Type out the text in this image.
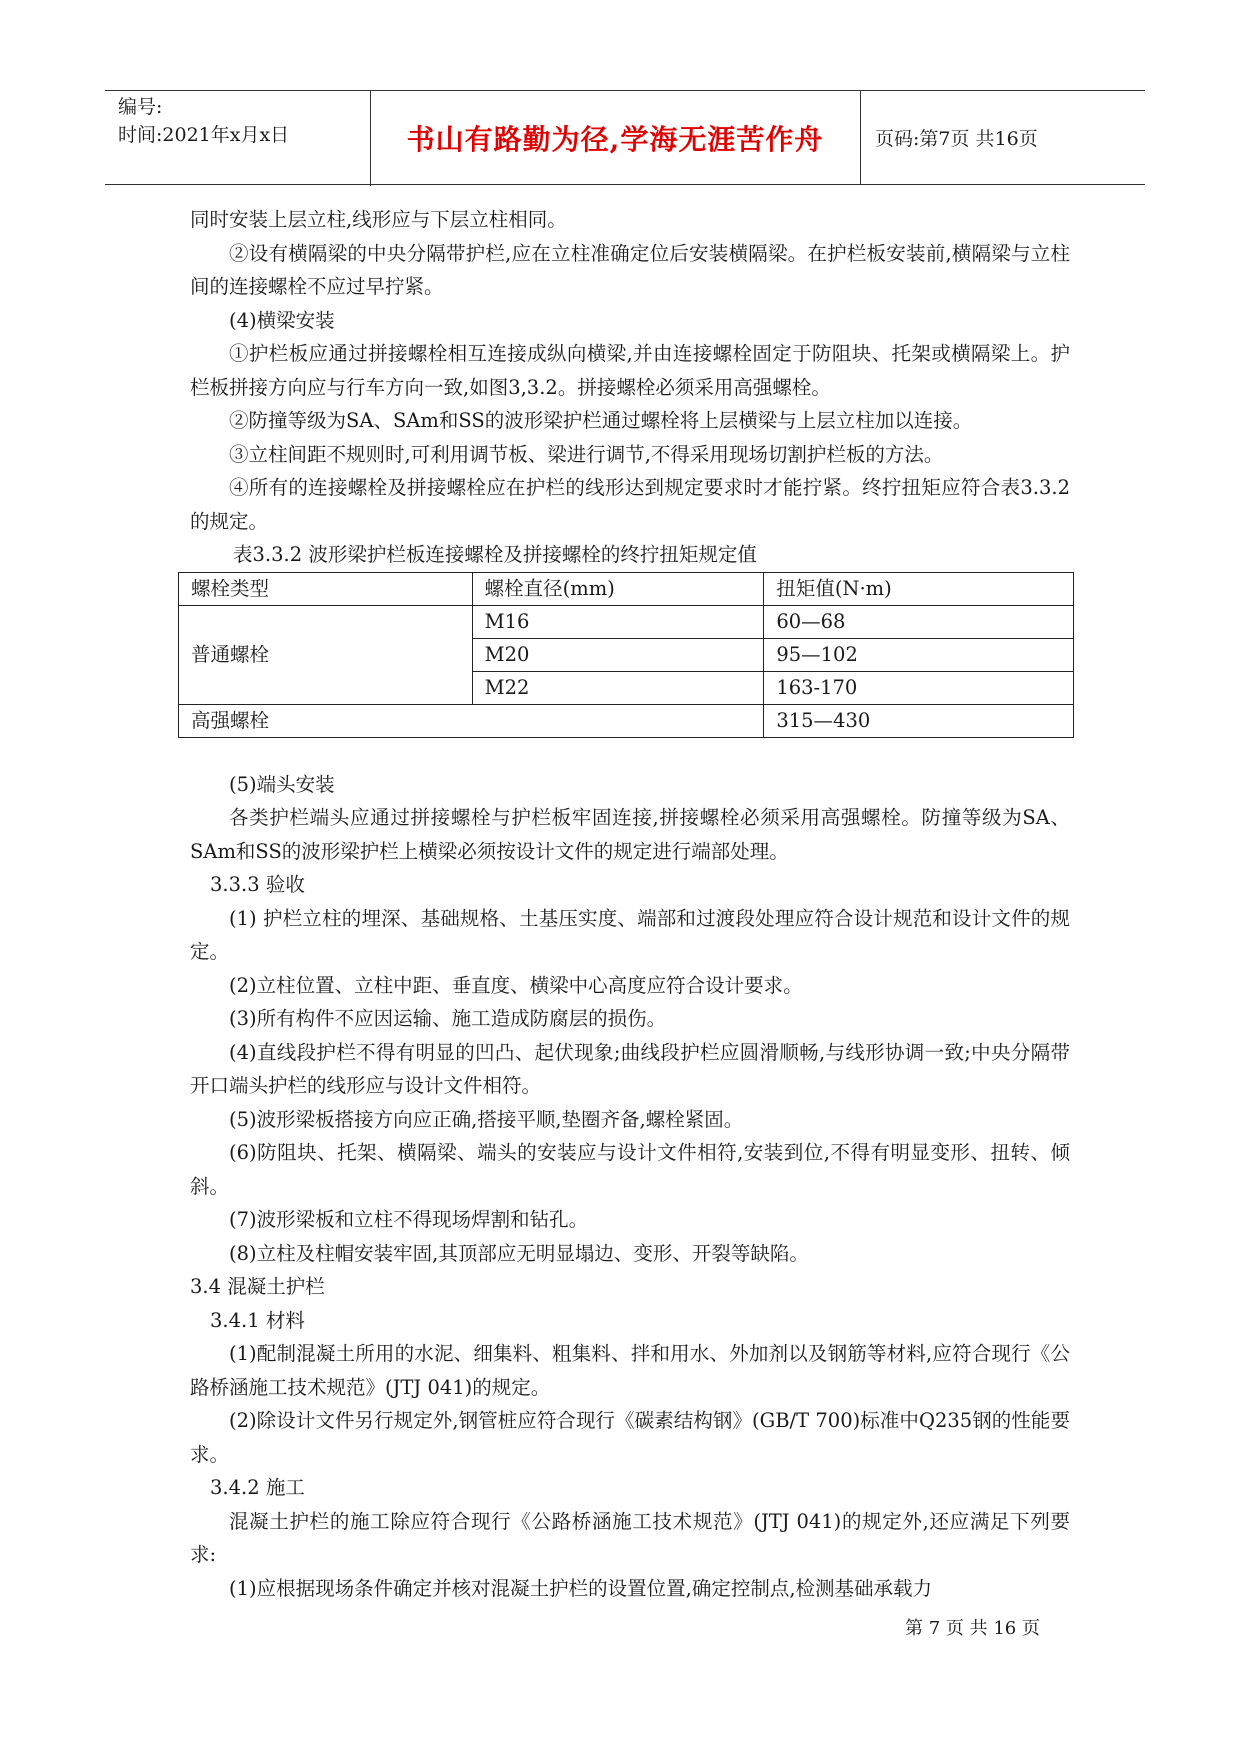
编号:
时间:2021年x月x日	书山有路勤为径,学海无涯苦作舟	页码:第7页 共16页

同时安装上层立柱,线形应与下层立柱相同。

②设有横隔梁的中央分隔带护栏,应在立柱准确定位后安装横隔梁。在护栏板安装前,横隔梁与立柱间的连接螺栓不应过早拧紧。

(4)横梁安装

①护栏板应通过拼接螺栓相互连接成纵向横梁,并由连接螺栓固定于防阻块、托架或横隔梁上。护栏板拼接方向应与行车方向一致,如图3,3.2。拼接螺栓必须采用高强螺栓。

②防撞等级为SA、SAm和SS的波形梁护栏通过螺栓将上层横梁与上层立柱加以连接。

③立柱间距不规则时,可利用调节板、梁进行调节,不得采用现场切割护栏板的方法。

④所有的连接螺栓及拼接螺栓应在护栏的线形达到规定要求时才能拧紧。终拧扭矩应符合表3.3.2的规定。

表3.3.2 波形梁护栏板连接螺栓及拼接螺栓的终拧扭矩规定值

螺栓类型	螺栓直径(mm)	扭矩值(N·m)
普通螺栓	M16	60—68
	M20	95—102
	M22	163-170
高强螺栓		315—430

(5)端头安装

各类护栏端头应通过拼接螺栓与护栏板牢固连接,拼接螺栓必须采用高强螺栓。防撞等级为SA、SAm和SS的波形梁护栏上横梁必须按设计文件的规定进行端部处理。

3.3.3 验收

(1) 护栏立柱的埋深、基础规格、土基压实度、端部和过渡段处理应符合设计规范和设计文件的规定。

(2)立柱位置、立柱中距、垂直度、横梁中心高度应符合设计要求。

(3)所有构件不应因运输、施工造成防腐层的损伤。

(4)直线段护栏不得有明显的凹凸、起伏现象;曲线段护栏应圆滑顺畅,与线形协调一致;中央分隔带开口端头护栏的线形应与设计文件相符。

(5)波形梁板搭接方向应正确,搭接平顺,垫圈齐备,螺栓紧固。

(6)防阻块、托架、横隔梁、端头的安装应与设计文件相符,安装到位,不得有明显变形、扭转、倾斜。

(7)波形梁板和立柱不得现场焊割和钻孔。

(8)立柱及柱帽安装牢固,其顶部应无明显塌边、变形、开裂等缺陷。

3.4 混凝土护栏

3.4.1 材料

(1)配制混凝土所用的水泥、细集料、粗集料、拌和用水、外加剂以及钢筋等材料,应符合现行《公路桥涵施工技术规范》(JTJ 041)的规定。

(2)除设计文件另行规定外,钢管桩应符合现行《碳素结构钢》(GB/T 700)标准中Q235钢的性能要求。

3.4.2 施工

混凝土护栏的施工除应符合现行《公路桥涵施工技术规范》(JTJ 041)的规定外,还应满足下列要求:

(1)应根据现场条件确定并核对混凝土护栏的设置位置,确定控制点,检测基础承载力

第 7 页 共 16 页
